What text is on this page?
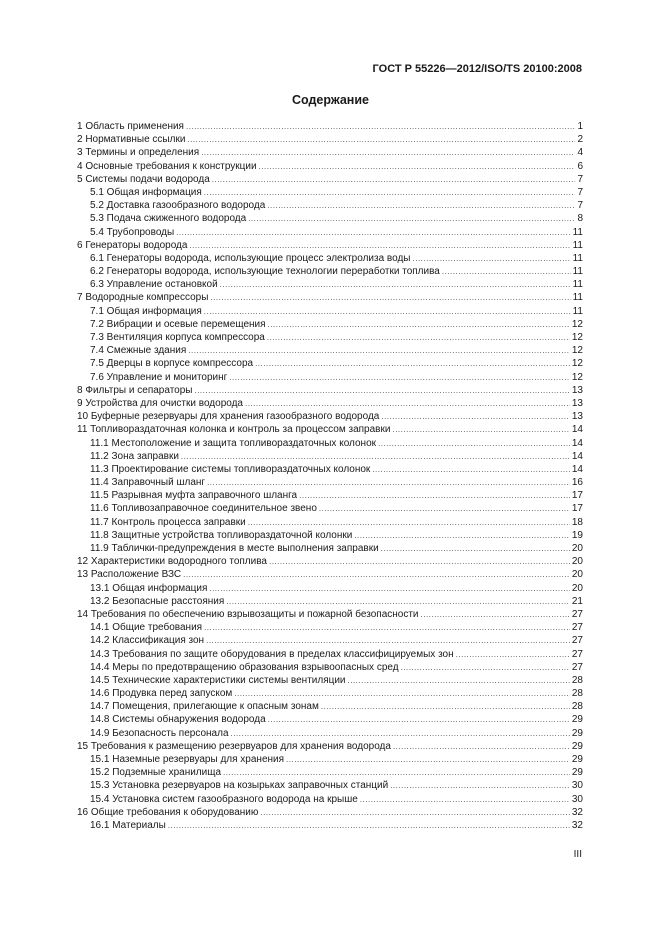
ГОСТ Р 55226—2012/ISO/TS 20100:2008
Содержание
1 Область применения .....	1
2 Нормативные ссылки .....	2
3 Термины и определения .....	4
4 Основные требования к конструкции .....	6
5 Системы подачи водорода .....	7
5.1 Общая информация .....	7
5.2 Доставка газообразного водорода .....	7
5.3 Подача сжиженного водорода .....	8
5.4 Трубопроводы .....	11
6 Генераторы водорода .....	11
6.1 Генераторы водорода, использующие процесс электролиза воды .....	11
6.2 Генераторы водорода, использующие технологии переработки топлива .....	11
6.3 Управление остановкой .....	11
7 Водородные компрессоры .....	11
7.1 Общая информация .....	11
7.2 Вибрации и осевые перемещения .....	12
7.3 Вентиляция корпуса компрессора .....	12
7.4 Смежные здания .....	12
7.5 Дверцы в корпусе компрессора .....	12
7.6 Управление и мониторинг .....	12
8 Фильтры и сепараторы .....	13
9 Устройства для очистки водорода .....	13
10 Буферные резервуары для хранения газообразного водорода .....	13
11 Топливораздаточная колонка и контроль за процессом заправки .....	14
11.1 Местоположение и защита топливораздаточных колонок .....	14
11.2 Зона заправки .....	14
11.3 Проектирование системы топливораздаточных колонок .....	14
11.4 Заправочный шланг .....	16
11.5 Разрывная муфта заправочного шланга .....	17
11.6 Топливозаправочное соединительное звено .....	17
11.7 Контроль процесса заправки .....	18
11.8 Защитные устройства топливораздаточной колонки .....	19
11.9 Таблички-предупреждения в месте выполнения заправки .....	20
12 Характеристики водородного топлива .....	20
13 Расположение ВЗС .....	20
13.1 Общая информация .....	20
13.2 Безопасные расстояния .....	21
14 Требования по обеспечению взрывозащиты и пожарной безопасности .....	27
14.1 Общие требования .....	27
14.2 Классификация зон .....	27
14.3 Требования по защите оборудования в пределах классифицируемых зон .....	27
14.4 Меры по предотвращению образования взрывоопасных сред .....	27
14.5 Технические характеристики системы вентиляции .....	28
14.6 Продувка перед запуском .....	28
14.7 Помещения, прилегающие к опасным зонам .....	28
14.8 Системы обнаружения водорода .....	29
14.9 Безопасность персонала .....	29
15 Требования к размещению резервуаров для хранения водорода .....	29
15.1 Наземные резервуары для хранения .....	29
15.2 Подземные хранилища .....	29
15.3 Установка резервуаров на козырьках заправочных станций .....	30
15.4 Установка систем газообразного водорода на крыше .....	30
16 Общие требования к оборудованию .....	32
16.1 Материалы .....	32
III
